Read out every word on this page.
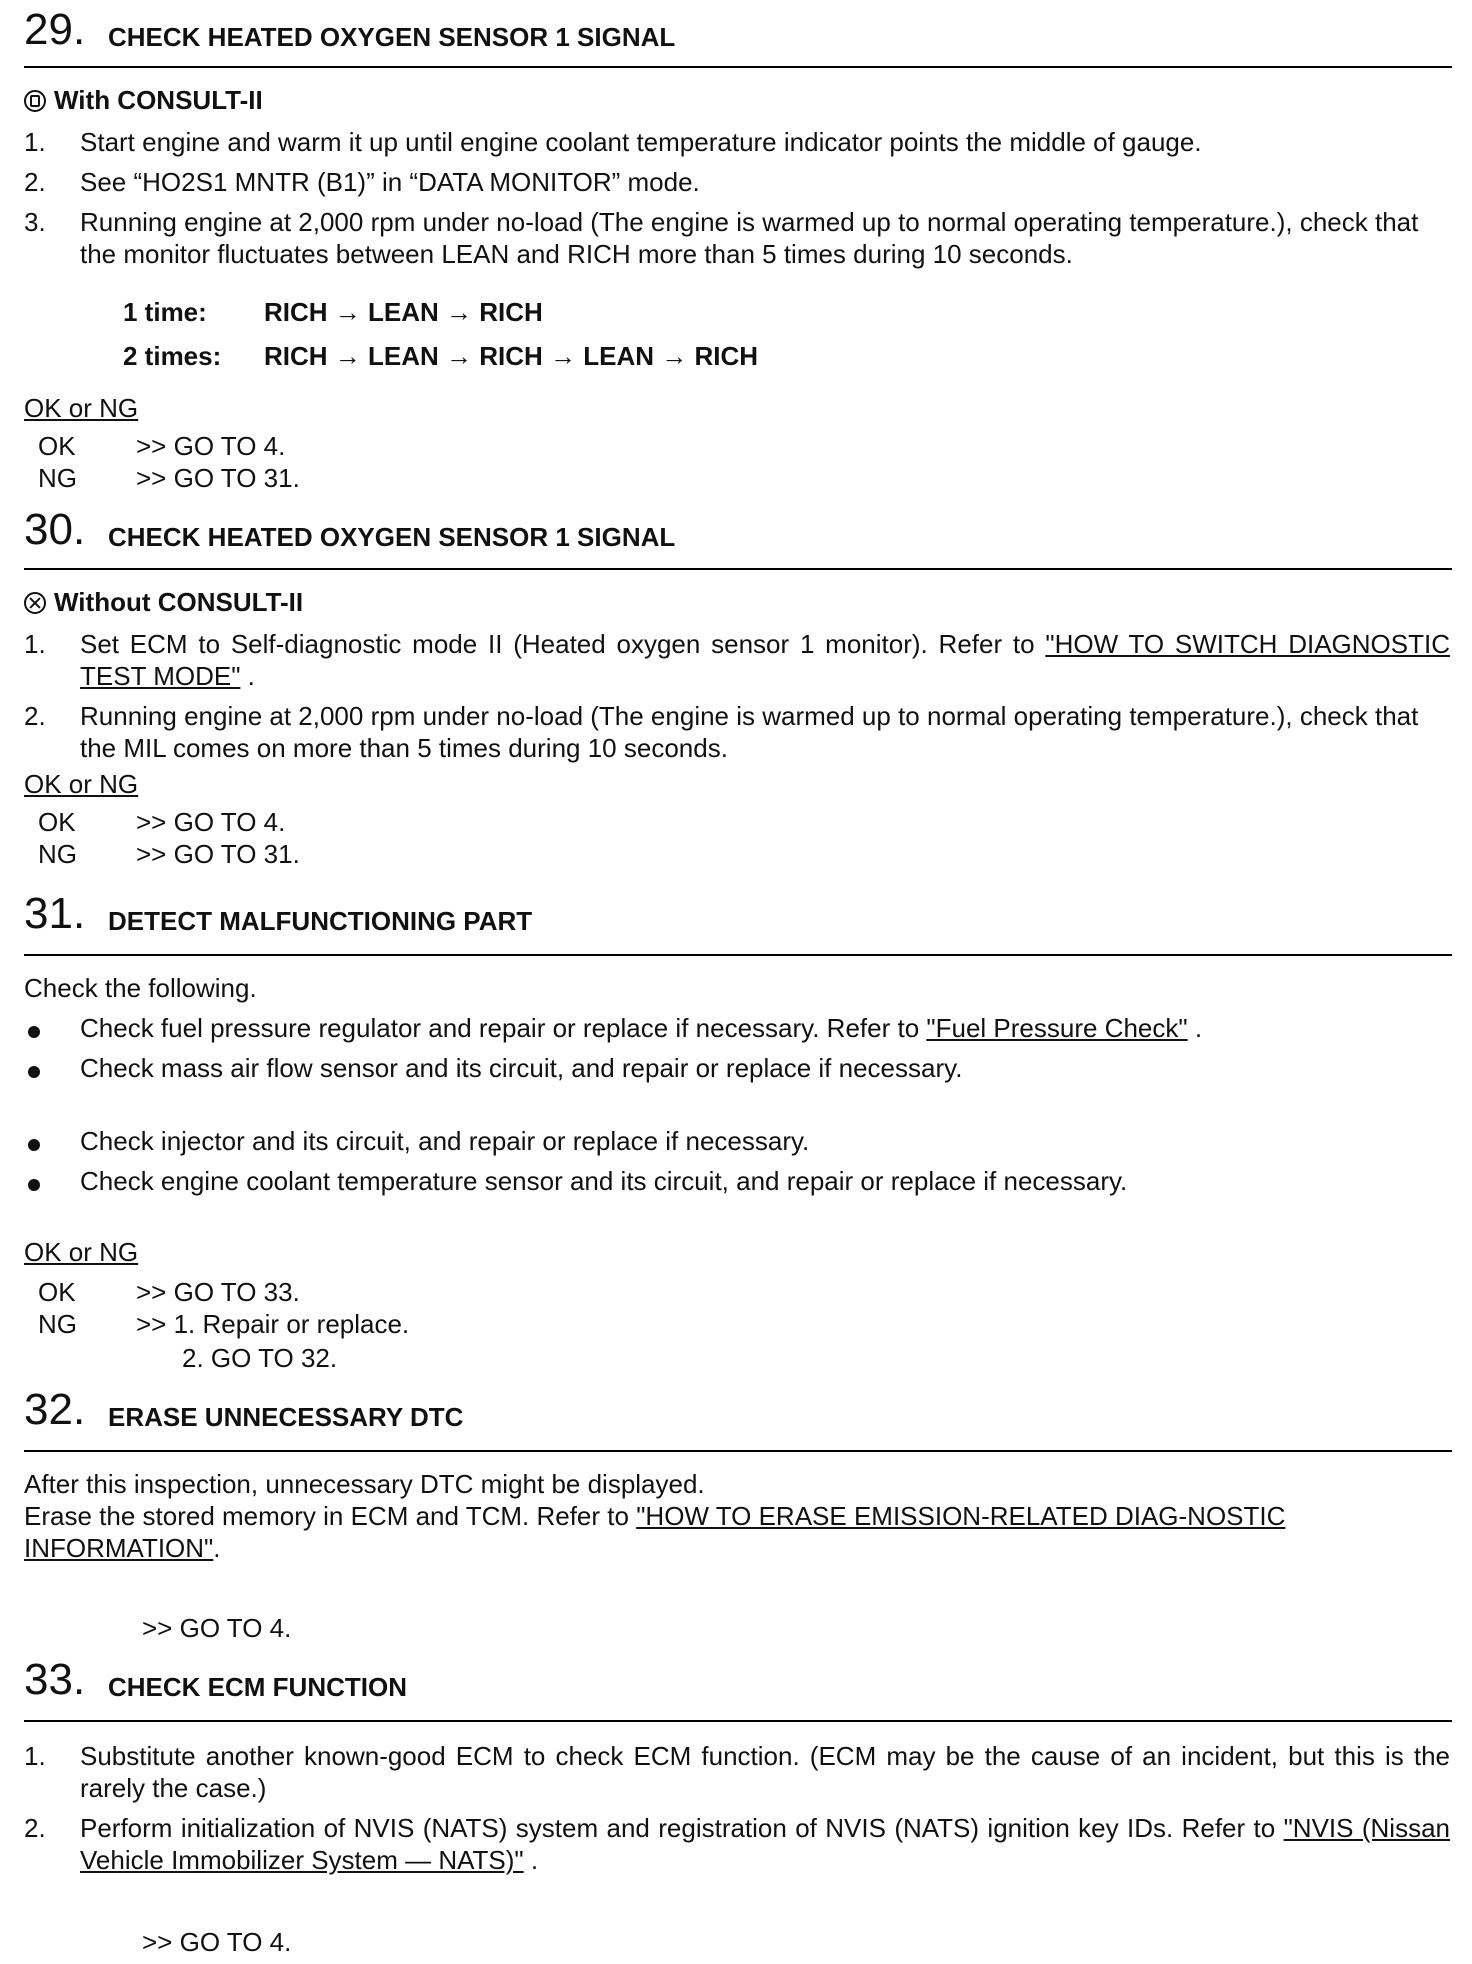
29. CHECK HEATED OXYGEN SENSOR 1 SIGNAL
With CONSULT-II
1. Start engine and warm it up until engine coolant temperature indicator points the middle of gauge.
2. See “HO2S1 MNTR (B1)” in “DATA MONITOR” mode.
3. Running engine at 2,000 rpm under no-load (The engine is warmed up to normal operating temperature.), check that the monitor fluctuates between LEAN and RICH more than 5 times during 10 seconds.
1 time: RICH → LEAN → RICH
2 times: RICH → LEAN → RICH → LEAN → RICH
OK or NG
OK >> GO TO 4.
NG >> GO TO 31.
30. CHECK HEATED OXYGEN SENSOR 1 SIGNAL
Without CONSULT-II
1. Set ECM to Self-diagnostic mode II (Heated oxygen sensor 1 monitor). Refer to "HOW TO SWITCH DIAGNOSTIC TEST MODE" .
2. Running engine at 2,000 rpm under no-load (The engine is warmed up to normal operating temperature.), check that the MIL comes on more than 5 times during 10 seconds.
OK or NG
OK >> GO TO 4.
NG >> GO TO 31.
31. DETECT MALFUNCTIONING PART
Check the following.
Check fuel pressure regulator and repair or replace if necessary. Refer to "Fuel Pressure Check" .
Check mass air flow sensor and its circuit, and repair or replace if necessary.
Check injector and its circuit, and repair or replace if necessary.
Check engine coolant temperature sensor and its circuit, and repair or replace if necessary.
OK or NG
OK >> GO TO 33.
NG >> 1. Repair or replace.
2. GO TO 32.
32. ERASE UNNECESSARY DTC
After this inspection, unnecessary DTC might be displayed.
Erase the stored memory in ECM and TCM. Refer to "HOW TO ERASE EMISSION-RELATED DIAG-NOSTIC INFORMATION".
>> GO TO 4.
33. CHECK ECM FUNCTION
1. Substitute another known-good ECM to check ECM function. (ECM may be the cause of an incident, but this is the rarely the case.)
2. Perform initialization of NVIS (NATS) system and registration of NVIS (NATS) ignition key IDs. Refer to "NVIS (Nissan Vehicle Immobilizer System — NATS)" .
>> GO TO 4.
